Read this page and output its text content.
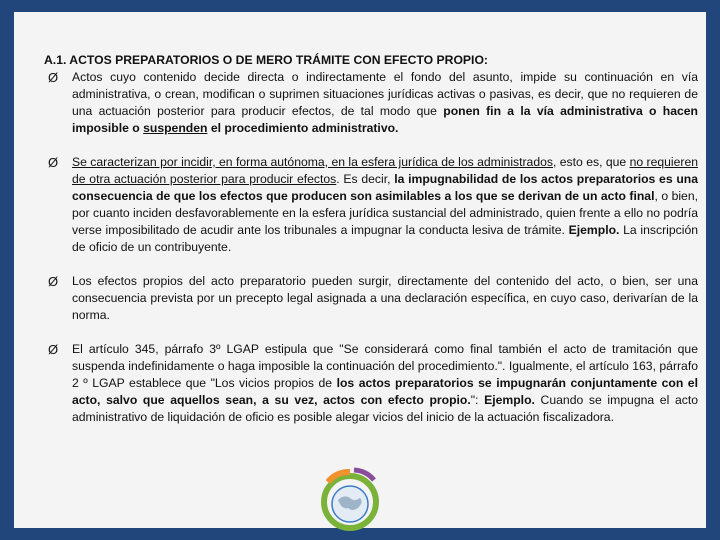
A.1. ACTOS PREPARATORIOS O DE MERO TRÁMITE CON EFECTO PROPIO:

Ø Actos cuyo contenido decide directa o indirectamente el fondo del asunto, impide su continuación en vía administrativa, o crean, modifican o suprimen situaciones jurídicas activas o pasivas, es decir, que no requieren de una actuación posterior para producir efectos, de tal modo que ponen fin a la vía administrativa o hacen imposible o suspenden el procedimiento administrativo.
Ø Se caracterizan por incidir, en forma autónoma, en la esfera jurídica de los administrados, esto es, que no requieren de otra actuación posterior para producir efectos. Es decir, la impugnabilidad de los actos preparatorios es una consecuencia de que los efectos que producen son asimilables a los que se derivan de un acto final, o bien, por cuanto inciden desfavorablemente en la esfera jurídica sustancial del administrado, quien frente a ello no podría verse imposibilitado de acudir ante los tribunales a impugnar la conducta lesiva de trámite. Ejemplo. La inscripción de oficio de un contribuyente.
Ø Los efectos propios del acto preparatorio pueden surgir, directamente del contenido del acto, o bien, ser una consecuencia prevista por un precepto legal asignada a una declaración específica, en cuyo caso, derivarían de la norma.
Ø El artículo 345, párrafo 3º LGAP estipula que "Se considerará como final también el acto de tramitación que suspenda indefinidamente o haga imposible la continuación del procedimiento.". Igualmente, el artículo 163, párrafo 2 º LGAP establece que "Los vicios propios de los actos preparatorios se impugnarán conjuntamente con el acto, salvo que aquellos sean, a su vez, actos con efecto propio.": Ejemplo. Cuando se impugna el acto administrativo de liquidación de oficio es posible alegar vicios del inicio de la actuación fiscalizadora.
